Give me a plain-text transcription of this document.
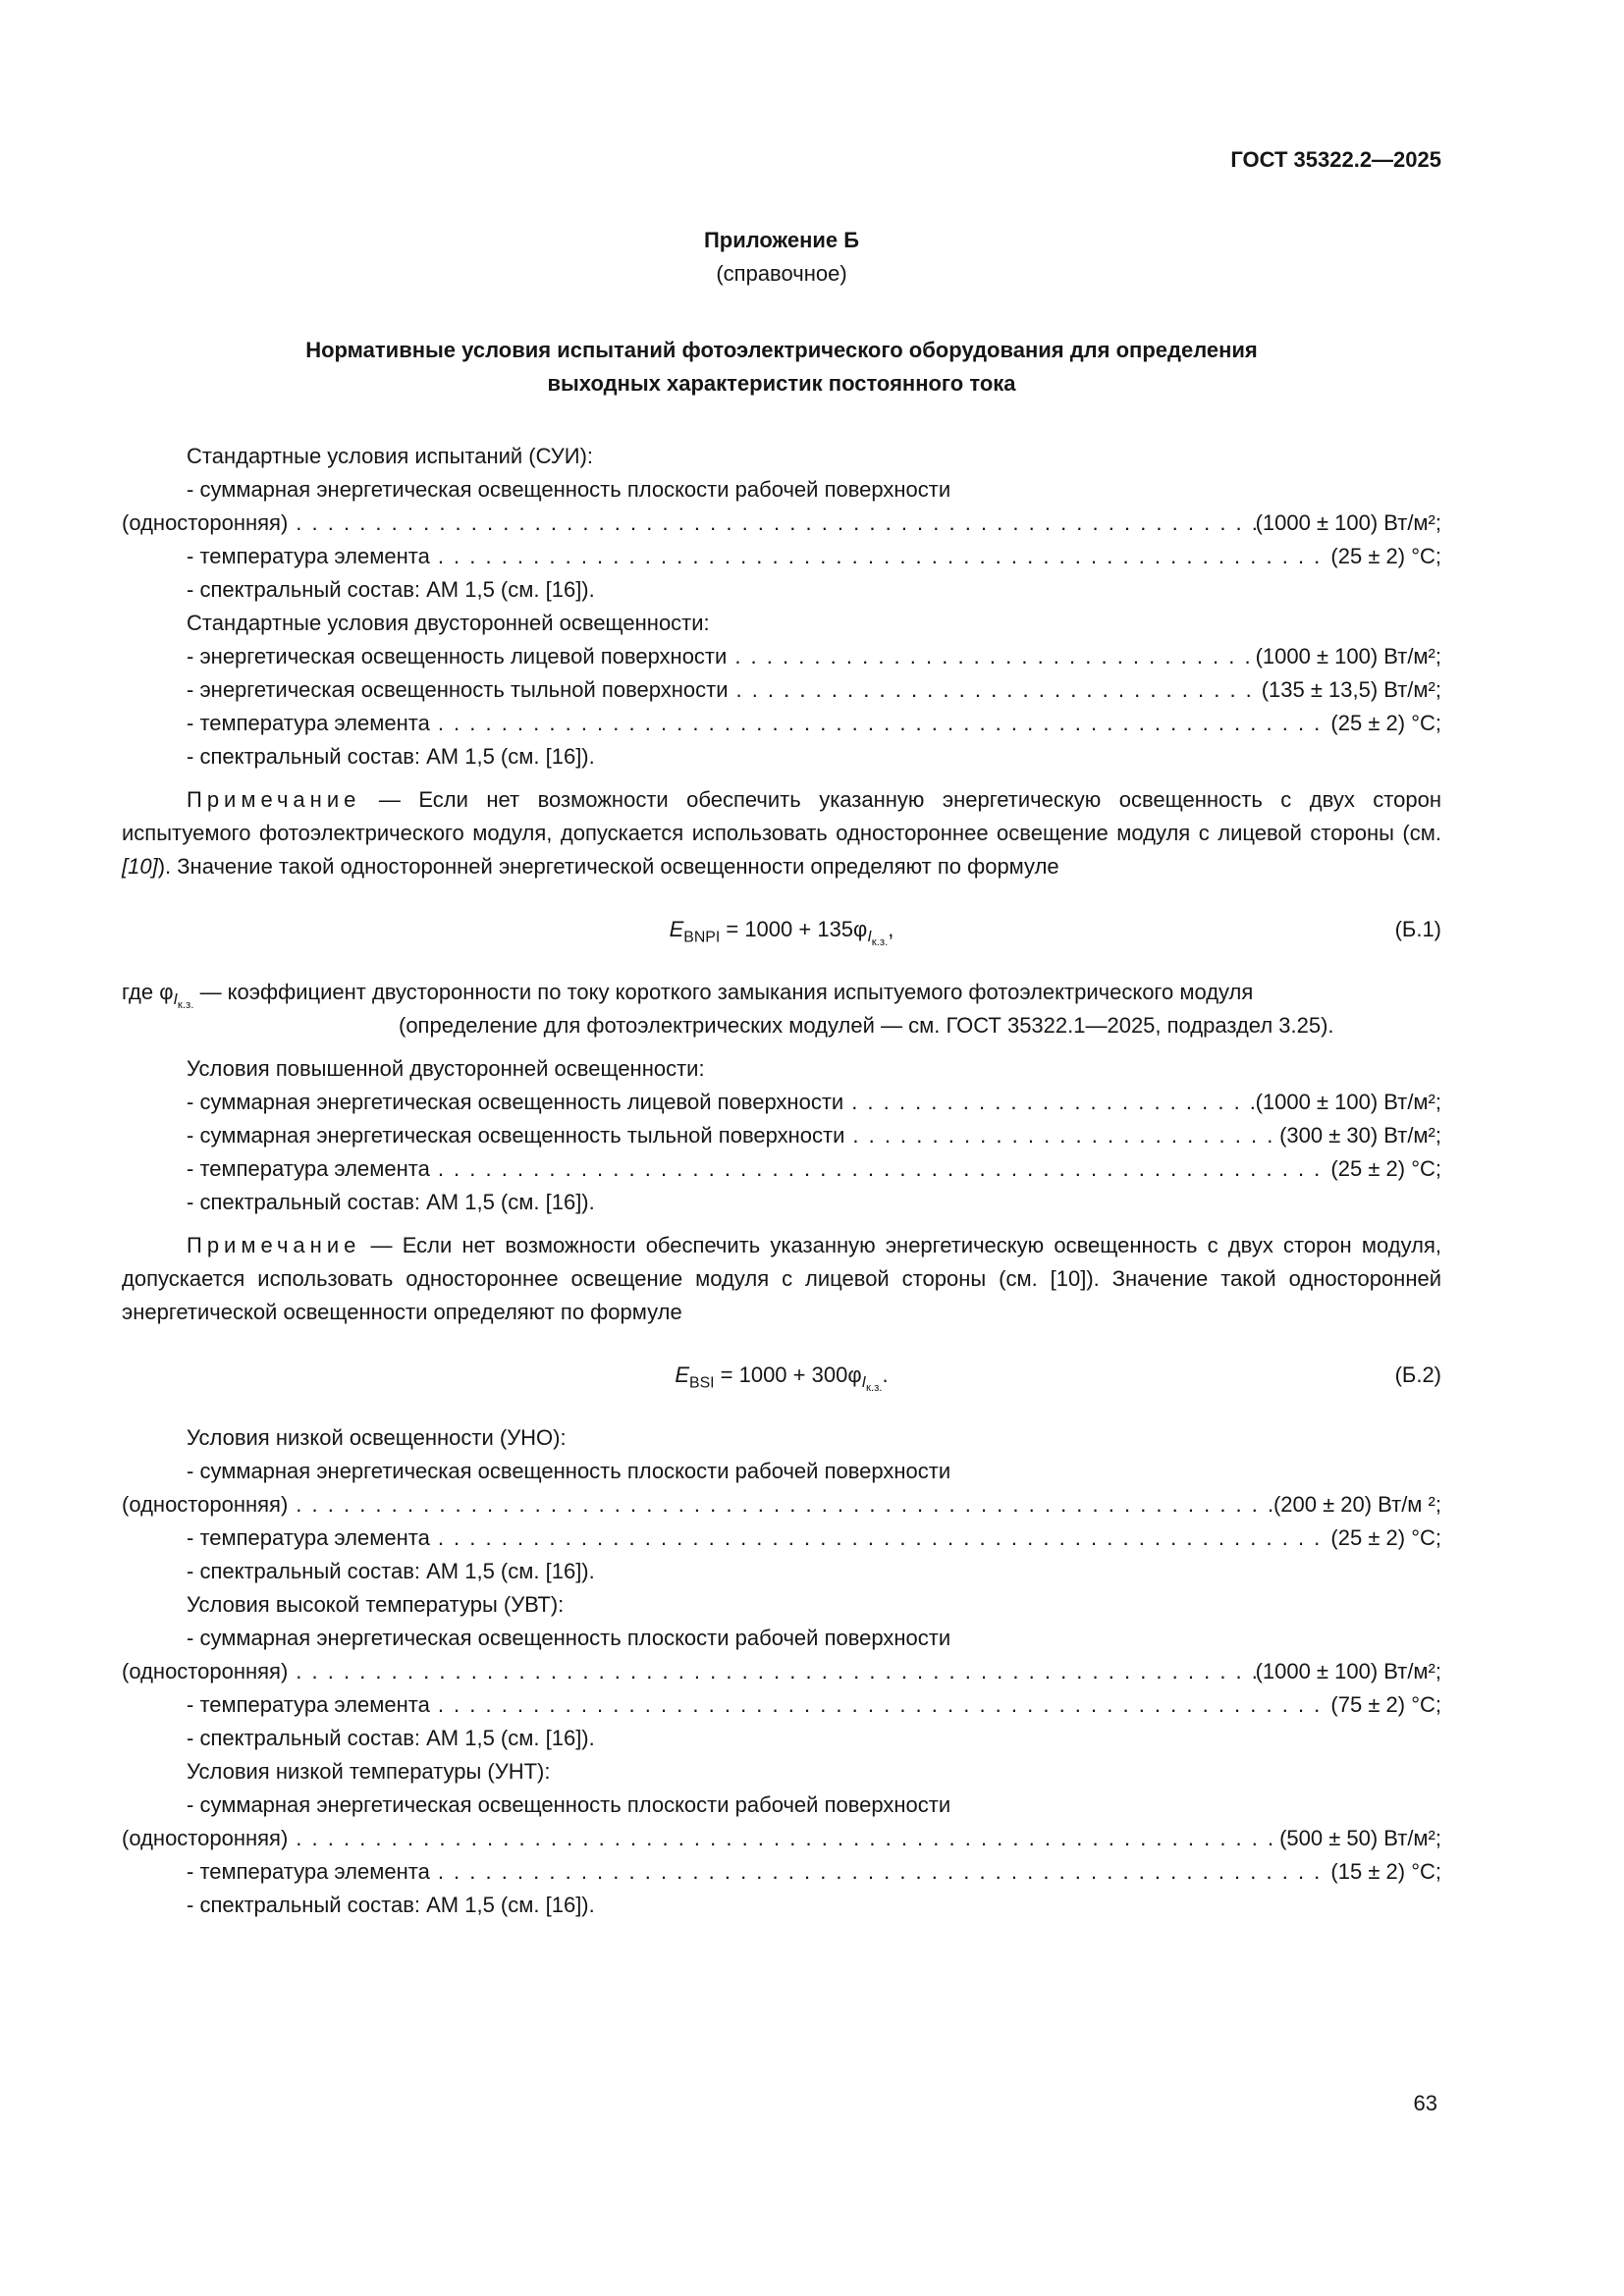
ГОСТ 35322.2—2025
Приложение Б
(справочное)
Нормативные условия испытаний фотоэлектрического оборудования для определения
выходных характеристик постоянного тока
Стандартные условия испытаний (СУИ):
- суммарная энергетическая освещенность плоскости рабочей поверхности
(односторонняя) . . .	(1000 ± 100) Вт/м²;
- температура элемента . . .	(25 ± 2) °С;
- спектральный состав: АМ 1,5 (см. [16]).
Стандартные условия двусторонней освещенности:
- энергетическая освещенность лицевой поверхности . . .	(1000 ± 100) Вт/м²;
- энергетическая освещенность тыльной поверхности . . .	(135 ± 13,5) Вт/м²;
- температура элемента . . .	(25 ± 2) °С;
- спектральный состав: АМ 1,5 (см. [16]).

Примечание — Если нет возможности обеспечить указанную энергетическую освещенность с двух сторон испытуемого фотоэлектрического модуля, допускается использовать одностороннее освещение модуля с лицевой стороны (см. [10]). Значение такой односторонней энергетической освещенности определяют по формуле

$E_{BNPI} = 1000 + 135\varphi_{I_{к.з.}}$,	(Б.1)
где $\varphi_{I_{к.з.}}$ — коэффициент двусторонности по току короткого замыкания испытуемого фотоэлектрического модуля
(определение для фотоэлектрических модулей — см. ГОСТ 35322.1—2025, подраздел 3.25).
Условия повышенной двусторонней освещенности:
- суммарная энергетическая освещенность лицевой поверхности . . .	(1000 ± 100) Вт/м²;
- суммарная энергетическая освещенность тыльной поверхности . . .	(300 ± 30) Вт/м²;
- температура элемента . . .	(25 ± 2) °С;
- спектральный состав: АМ 1,5 (см. [16]).

Примечание — Если нет возможности обеспечить указанную энергетическую освещенность с двух сторон модуля, допускается использовать одностороннее освещение модуля с лицевой стороны (см. [10]). Значение такой односторонней энергетической освещенности определяют по формуле

$E_{BSI} = 1000 + 300\varphi_{I_{к.з.}}$.	(Б.2)
Условия низкой освещенности (УНО):
- суммарная энергетическая освещенность плоскости рабочей поверхности
(односторонняя) . . .	(200 ± 20) Вт/м ²;
- температура элемента . . .	(25 ± 2) °С;
- спектральный состав: АМ 1,5 (см. [16]).
Условия высокой температуры (УВТ):
- суммарная энергетическая освещенность плоскости рабочей поверхности
(односторонняя) . . .	(1000 ± 100) Вт/м²;
- температура элемента . . .	(75 ± 2) °С;
- спектральный состав: АМ 1,5 (см. [16]).
Условия низкой температуры (УНТ):
- суммарная энергетическая освещенность плоскости рабочей поверхности
(односторонняя) . . .	(500 ± 50) Вт/м²;
- температура элемента . . .	(15 ± 2) °С;
- спектральный состав: АМ 1,5 (см. [16]).
63
